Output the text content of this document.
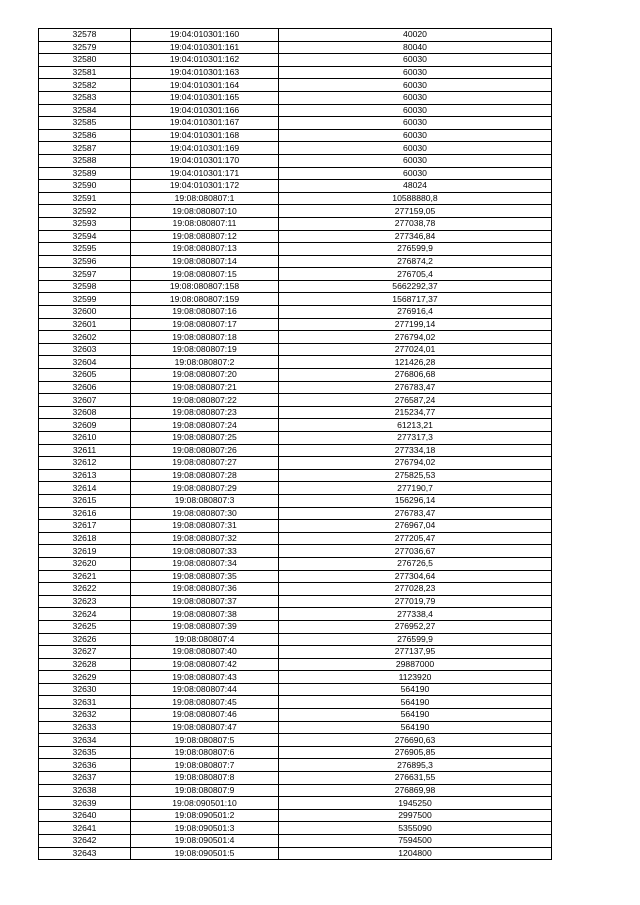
32578	19:04:010301:160	40020
32579	19:04:010301:161	80040
32580	19:04:010301:162	60030
32581	19:04:010301:163	60030
32582	19:04:010301:164	60030
32583	19:04:010301:165	60030
32584	19:04:010301:166	60030
32585	19:04:010301:167	60030
32586	19:04:010301:168	60030
32587	19:04:010301:169	60030
32588	19:04:010301:170	60030
32589	19:04:010301:171	60030
32590	19:04:010301:172	48024
32591	19:08:080807:1	10588880,8
32592	19:08:080807:10	277159,05
32593	19:08:080807:11	277038,78
32594	19:08:080807:12	277346,84
32595	19:08:080807:13	276599,9
32596	19:08:080807:14	276874,2
32597	19:08:080807:15	276705,4
32598	19:08:080807:158	5662292,37
32599	19:08:080807:159	1568717,37
32600	19:08:080807:16	276916,4
32601	19:08:080807:17	277199,14
32602	19:08:080807:18	276794,02
32603	19:08:080807:19	277024,01
32604	19:08:080807:2	121426,28
32605	19:08:080807:20	276806,68
32606	19:08:080807:21	276783,47
32607	19:08:080807:22	276587,24
32608	19:08:080807:23	215234,77
32609	19:08:080807:24	61213,21
32610	19:08:080807:25	277317,3
32611	19:08:080807:26	277334,18
32612	19:08:080807:27	276794,02
32613	19:08:080807:28	275825,53
32614	19:08:080807:29	277190,7
32615	19:08:080807:3	156296,14
32616	19:08:080807:30	276783,47
32617	19:08:080807:31	276967,04
32618	19:08:080807:32	277205,47
32619	19:08:080807:33	277036,67
32620	19:08:080807:34	276726,5
32621	19:08:080807:35	277304,64
32622	19:08:080807:36	277028,23
32623	19:08:080807:37	277019,79
32624	19:08:080807:38	277338,4
32625	19:08:080807:39	276952,27
32626	19:08:080807:4	276599,9
32627	19:08:080807:40	277137,95
32628	19:08:080807:42	29887000
32629	19:08:080807:43	1123920
32630	19:08:080807:44	564190
32631	19:08:080807:45	564190
32632	19:08:080807:46	564190
32633	19:08:080807:47	564190
32634	19:08:080807:5	276690,63
32635	19:08:080807:6	276905,85
32636	19:08:080807:7	276895,3
32637	19:08:080807:8	276631,55
32638	19:08:080807:9	276869,98
32639	19:08:090501:10	1945250
32640	19:08:090501:2	2997500
32641	19:08:090501:3	5355090
32642	19:08:090501:4	7594500
32643	19:08:090501:5	1204800
